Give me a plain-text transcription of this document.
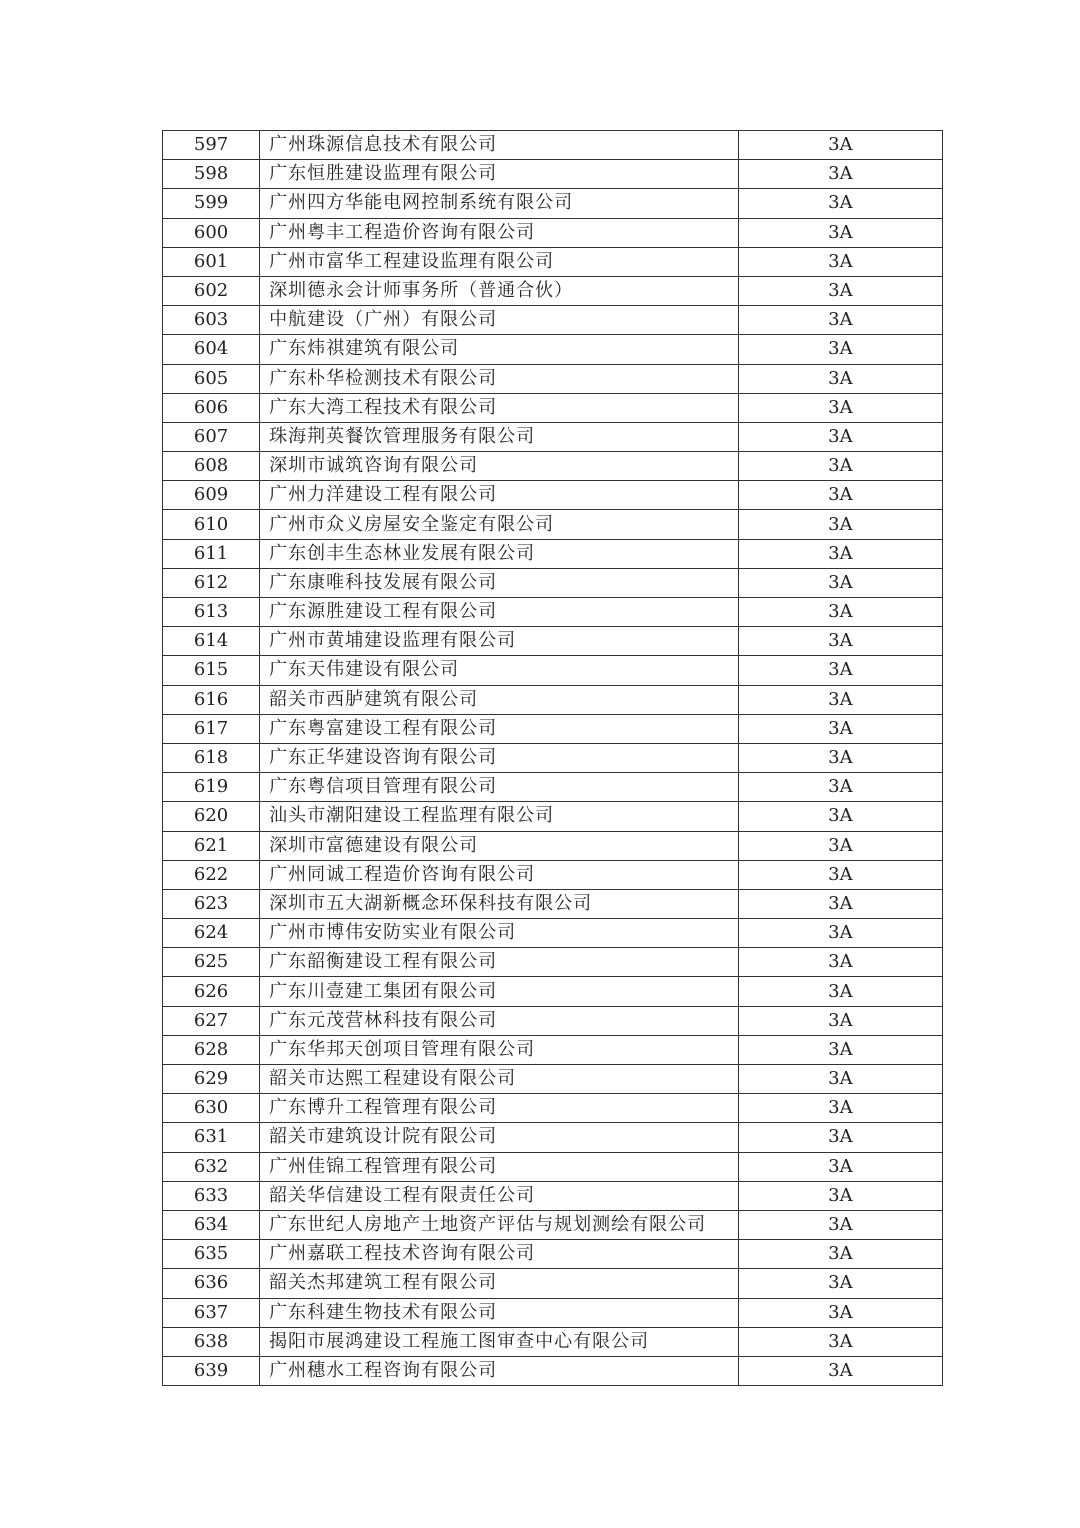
597	广州珠源信息技术有限公司	3A
598	广东恒胜建设监理有限公司	3A
599	广州四方华能电网控制系统有限公司	3A
600	广州粤丰工程造价咨询有限公司	3A
601	广州市富华工程建设监理有限公司	3A
602	深圳德永会计师事务所（普通合伙）	3A
603	中航建设（广州）有限公司	3A
604	广东炜祺建筑有限公司	3A
605	广东朴华检测技术有限公司	3A
606	广东大湾工程技术有限公司	3A
607	珠海荆英餐饮管理服务有限公司	3A
608	深圳市诚筑咨询有限公司	3A
609	广州力洋建设工程有限公司	3A
610	广州市众义房屋安全鉴定有限公司	3A
611	广东创丰生态林业发展有限公司	3A
612	广东康唯科技发展有限公司	3A
613	广东源胜建设工程有限公司	3A
614	广州市黄埔建设监理有限公司	3A
615	广东天伟建设有限公司	3A
616	韶关市西胪建筑有限公司	3A
617	广东粤富建设工程有限公司	3A
618	广东正华建设咨询有限公司	3A
619	广东粤信项目管理有限公司	3A
620	汕头市潮阳建设工程监理有限公司	3A
621	深圳市富德建设有限公司	3A
622	广州同诚工程造价咨询有限公司	3A
623	深圳市五大湖新概念环保科技有限公司	3A
624	广州市博伟安防实业有限公司	3A
625	广东韶衡建设工程有限公司	3A
626	广东川壹建工集团有限公司	3A
627	广东元茂营林科技有限公司	3A
628	广东华邦天创项目管理有限公司	3A
629	韶关市达熙工程建设有限公司	3A
630	广东博升工程管理有限公司	3A
631	韶关市建筑设计院有限公司	3A
632	广州佳锦工程管理有限公司	3A
633	韶关华信建设工程有限责任公司	3A
634	广东世纪人房地产土地资产评估与规划测绘有限公司	3A
635	广州嘉联工程技术咨询有限公司	3A
636	韶关杰邦建筑工程有限公司	3A
637	广东科建生物技术有限公司	3A
638	揭阳市展鸿建设工程施工图审查中心有限公司	3A
639	广州穗水工程咨询有限公司	3A
